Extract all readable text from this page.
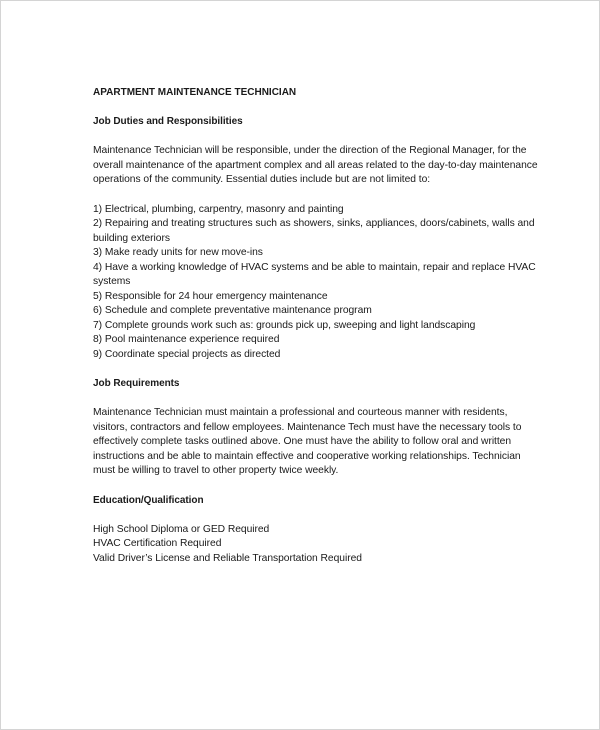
APARTMENT MAINTENANCE TECHNICIAN

Job Duties and Responsibilities

Maintenance Technician will be responsible, under the direction of the Regional Manager, for the overall maintenance of the apartment complex and all areas related to the day-to-day maintenance operations of the community. Essential duties include but are not limited to:

1) Electrical, plumbing, carpentry, masonry and painting
2) Repairing and treating structures such as showers, sinks, appliances, doors/cabinets, walls and building exteriors
3) Make ready units for new move-ins
4) Have a working knowledge of HVAC systems and be able to maintain, repair and replace HVAC systems
5) Responsible for 24 hour emergency maintenance
6) Schedule and complete preventative maintenance program
7) Complete grounds work such as: grounds pick up, sweeping and light landscaping
8) Pool maintenance experience required
9) Coordinate special projects as directed

Job Requirements

Maintenance Technician must maintain a professional and courteous manner with residents, visitors, contractors and fellow employees. Maintenance Tech must have the necessary tools to effectively complete tasks outlined above. One must have the ability to follow oral and written instructions and be able to maintain effective and cooperative working relationships. Technician must be willing to travel to other property twice weekly.

Education/Qualification

High School Diploma or GED Required
HVAC Certification Required
Valid Driver’s License and Reliable Transportation Required
